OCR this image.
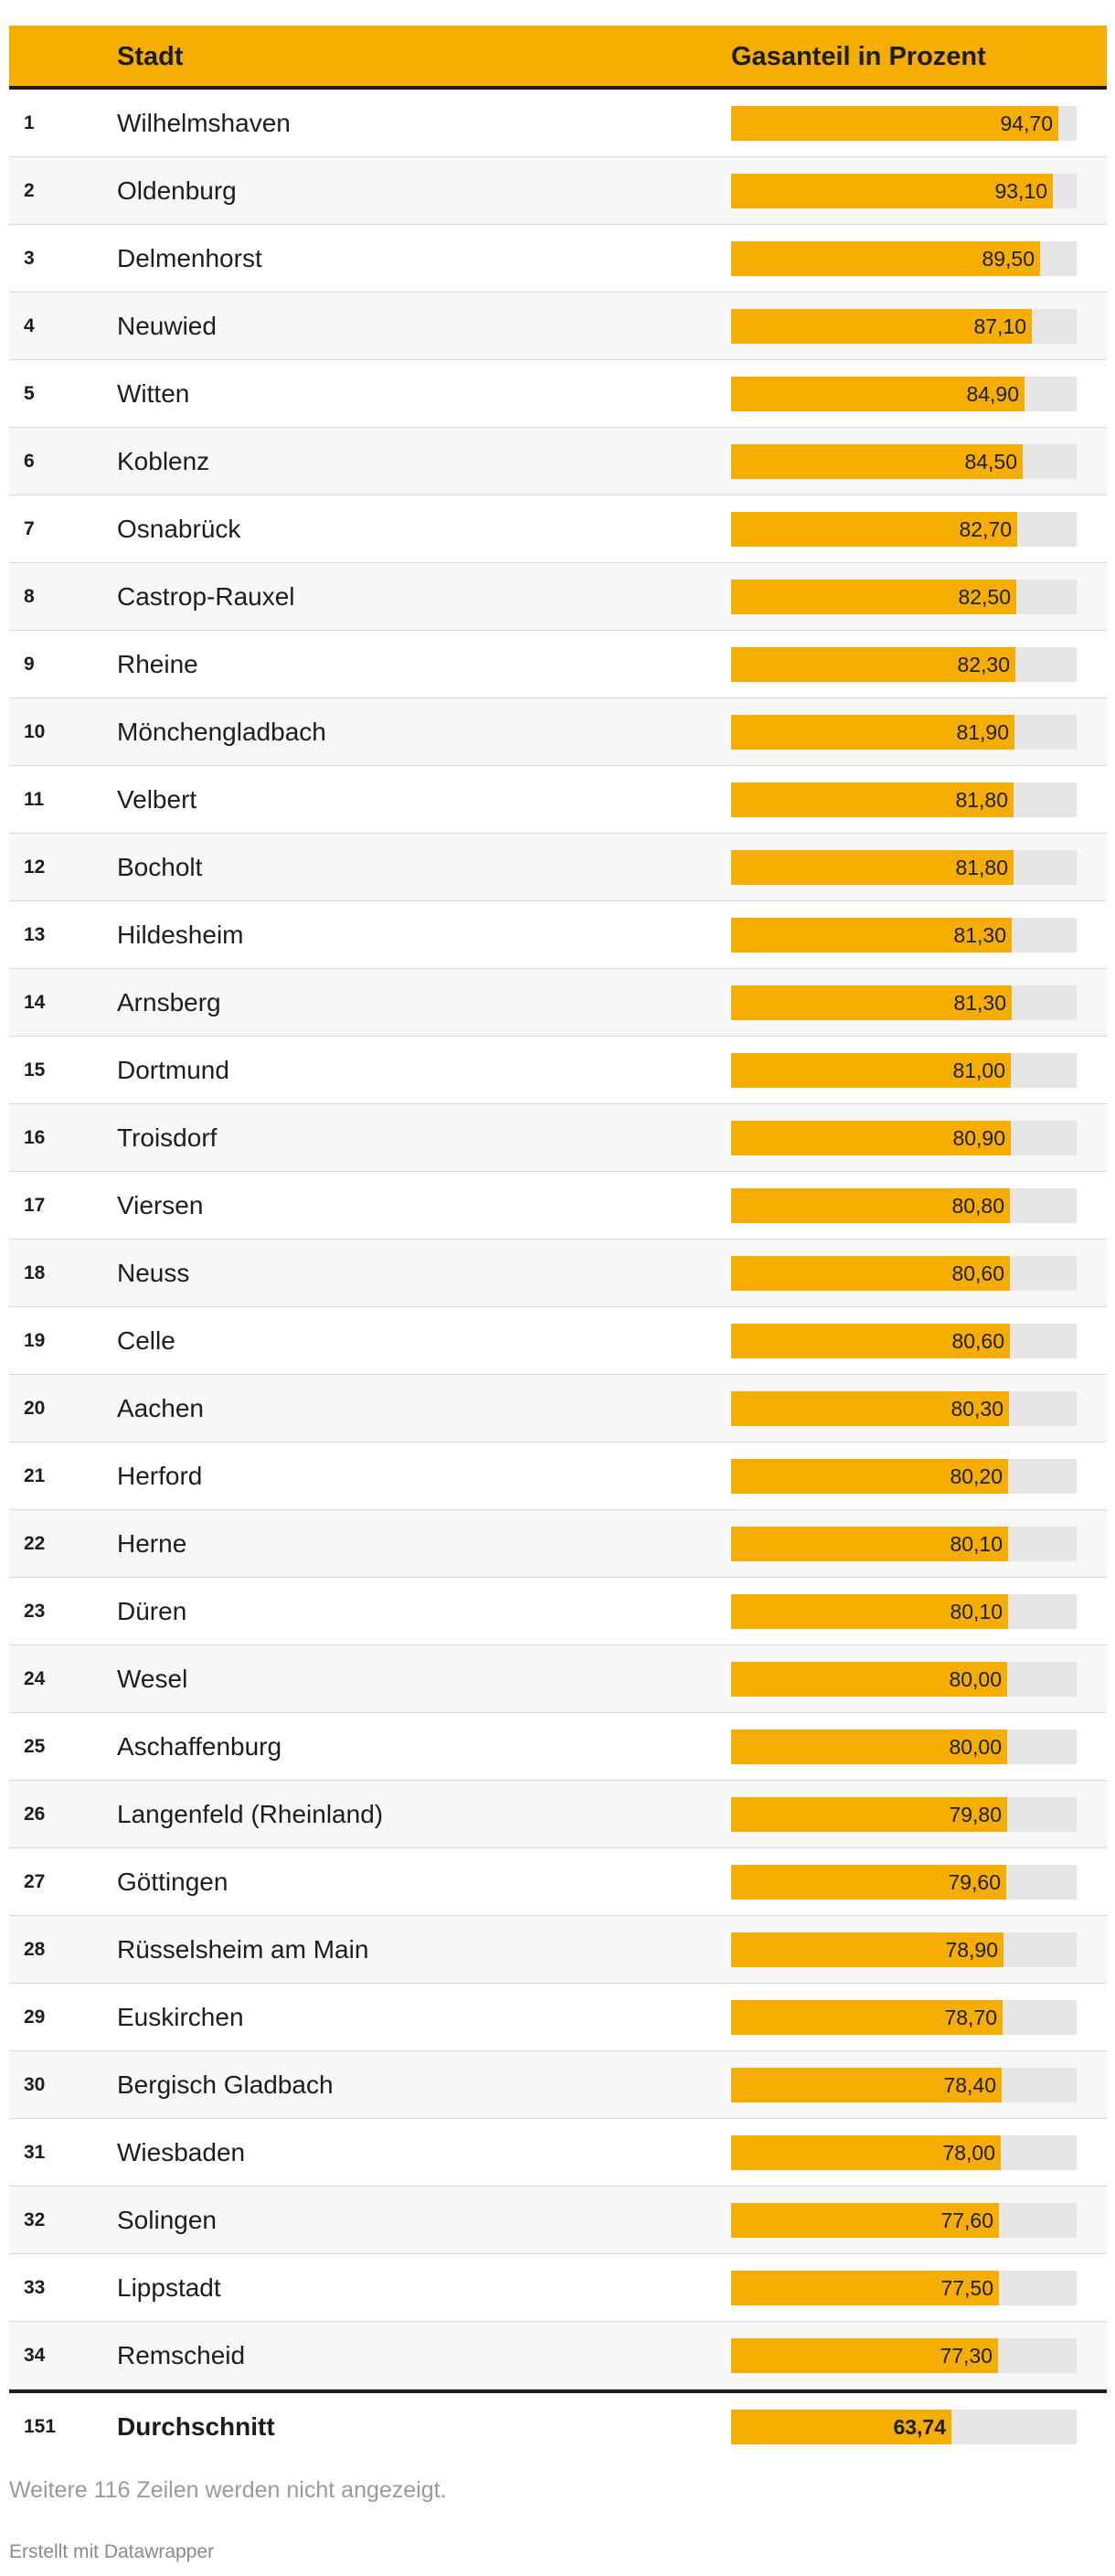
Stadt	Gasanteil in Prozent
1	Wilhelmshaven	94,70
2	Oldenburg	93,10
3	Delmenhorst	89,50
4	Neuwied	87,10
5	Witten	84,90
6	Koblenz	84,50
7	Osnabrück	82,70
8	Castrop-Rauxel	82,50
9	Rheine	82,30
10	Mönchengladbach	81,90
11	Velbert	81,80
12	Bocholt	81,80
13	Hildesheim	81,30
14	Arnsberg	81,30
15	Dortmund	81,00
16	Troisdorf	80,90
17	Viersen	80,80
18	Neuss	80,60
19	Celle	80,60
20	Aachen	80,30
21	Herford	80,20
22	Herne	80,10
23	Düren	80,10
24	Wesel	80,00
25	Aschaffenburg	80,00
26	Langenfeld (Rheinland)	79,80
27	Göttingen	79,60
28	Rüsselsheim am Main	78,90
29	Euskirchen	78,70
30	Bergisch Gladbach	78,40
31	Wiesbaden	78,00
32	Solingen	77,60
33	Lippstadt	77,50
34	Remscheid	77,30
151 Durchschnitt	63,74
Weitere 116 Zeilen werden nicht angezeigt.
Erstellt mit Datawrapper
